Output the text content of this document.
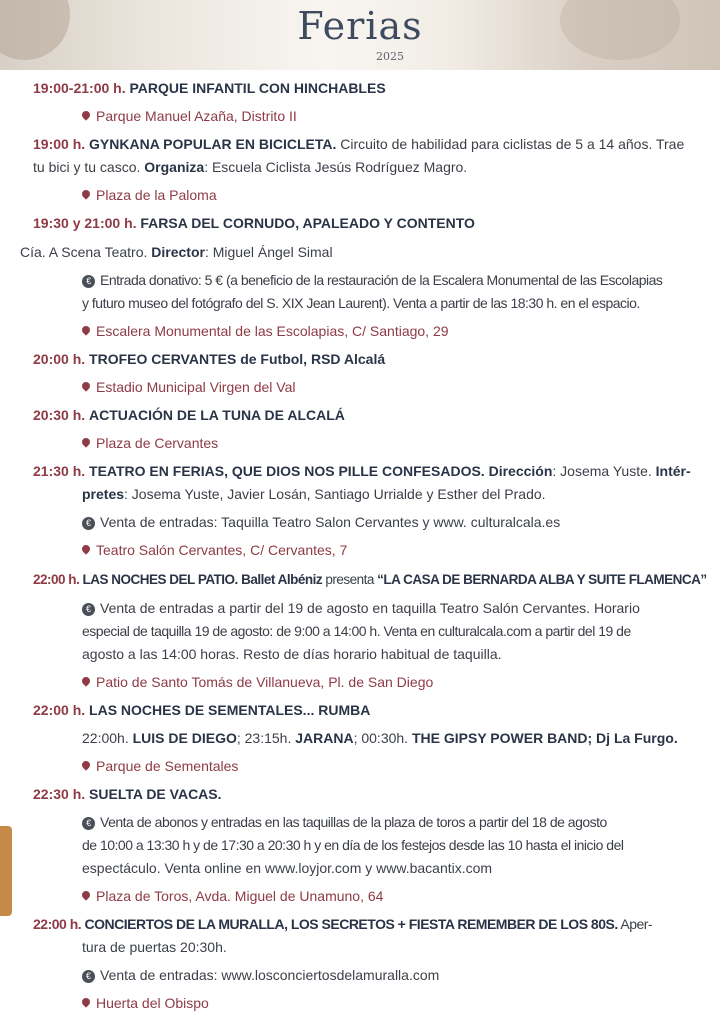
Ferias
2025
19:00-21:00 h. PARQUE INFANTIL CON HINCHABLES
Parque Manuel Azaña, Distrito II
19:00 h. GYNKANA POPULAR EN BICICLETA. Circuito de habilidad para ciclistas de 5 a 14 años. Trae
tu bici y tu casco. Organiza: Escuela Ciclista Jesús Rodríguez Magro.
Plaza de la Paloma
19:30 y 21:00 h. FARSA DEL CORNUDO, APALEADO Y CONTENTO
Cía. A Scena Teatro. Director: Miguel Ángel Simal
€ Entrada donativo: 5 € (a beneficio de la restauración de la Escalera Monumental de las Escolapias
y futuro museo del fotógrafo del S. XIX Jean Laurent). Venta a partir de las 18:30 h. en el espacio.
Escalera Monumental de las Escolapias, C/ Santiago, 29
20:00 h. TROFEO CERVANTES de Futbol, RSD Alcalá
Estadio Municipal Virgen del Val
20:30 h. ACTUACIÓN DE LA TUNA DE ALCALÁ
Plaza de Cervantes
21:30 h. TEATRO EN FERIAS, QUE DIOS NOS PILLE CONFESADOS. Dirección: Josema Yuste. Intér-
pretes: Josema Yuste, Javier Losán, Santiago Urrialde y Esther del Prado.
€ Venta de entradas: Taquilla Teatro Salon Cervantes y www. culturalcala.es
Teatro Salón Cervantes, C/ Cervantes, 7
22:00 h. LAS NOCHES DEL PATIO. Ballet Albéniz presenta “LA CASA DE BERNARDA ALBA Y SUITE FLAMENCA”
€ Venta de entradas a partir del 19 de agosto en taquilla Teatro Salón Cervantes. Horario
especial de taquilla 19 de agosto: de 9:00 a 14:00 h. Venta en culturalcala.com a partir del 19 de
agosto a las 14:00 horas. Resto de días horario habitual de taquilla.
Patio de Santo Tomás de Villanueva, Pl. de San Diego
22:00 h. LAS NOCHES DE SEMENTALES... RUMBA
22:00h. LUIS DE DIEGO; 23:15h. JARANA; 00:30h. THE GIPSY POWER BAND; Dj La Furgo.
Parque de Sementales
22:30 h. SUELTA DE VACAS.
€ Venta de abonos y entradas en las taquillas de la plaza de toros a partir del 18 de agosto
de 10:00 a 13:30 h y de 17:30 a 20:30 h y en día de los festejos desde las 10 hasta el inicio del
espectáculo. Venta online en www.loyjor.com y www.bacantix.com
Plaza de Toros, Avda. Miguel de Unamuno, 64
22:00 h. CONCIERTOS DE LA MURALLA, LOS SECRETOS + FIESTA REMEMBER DE LOS 80S. Aper-
tura de puertas 20:30h.
€ Venta de entradas: www.losconciertosdelamuralla.com
Huerta del Obispo
